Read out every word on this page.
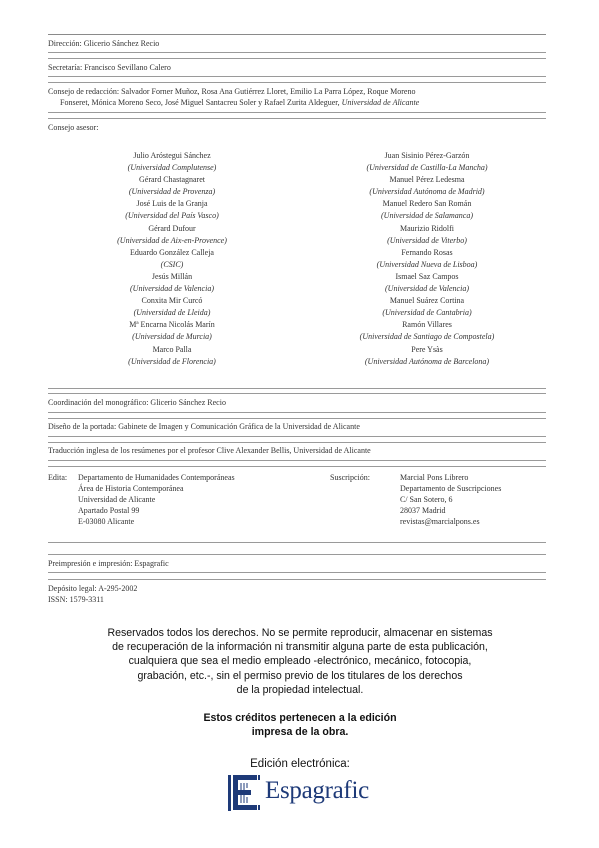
Dirección: Glicerio Sánchez Recio
Secretaría: Francisco Sevillano Calero
Consejo de redacción: Salvador Forner Muñoz, Rosa Ana Gutiérrez Lloret, Emilio La Parra López, Roque Moreno
Fonseret, Mónica Moreno Seco, José Miguel Santacreu Soler y Rafael Zurita Aldeguer, Universidad de Alicante
Consejo asesor:
Julio Aróstegui Sánchez
(Universidad Complutense)
Gérard Chastagnaret
(Universidad de Provenza)
José Luis de la Granja
(Universidad del País Vasco)
Gérard Dufour
(Universidad de Aix-en-Provence)
Eduardo González Calleja
(CSIC)
Jesús Millán
(Universidad de Valencia)
Conxita Mir Curcó
(Universidad de Lleida)
Mª Encarna Nicolás Marín
(Universidad de Murcia)
Marco Palla
(Universidad de Florencia)
Juan Sisinio Pérez-Garzón
(Universidad de Castilla-La Mancha)
Manuel Pérez Ledesma
(Universidad Autónoma de Madrid)
Manuel Redero San Román
(Universidad de Salamanca)
Maurizio Ridolfi
(Universidad de Viterbo)
Fernando Rosas
(Universidad Nueva de Lisboa)
Ismael Saz Campos
(Universidad de Valencia)
Manuel Suárez Cortina
(Universidad de Cantabria)
Ramón Villares
(Universidad de Santiago de Compostela)
Pere Ysàs
(Universidad Autónoma de Barcelona)
Coordinación del monográfico: Glicerio Sánchez Recio
Diseño de la portada: Gabinete de Imagen y Comunicación Gráfica de la Universidad de Alicante
Traducción inglesa de los resúmenes por el profesor Clive Alexander Bellis, Universidad de Alicante
Edita: Departamento de Humanidades Contemporáneas
Área de Historia Contemporánea
Universidad de Alicante
Apartado Postal 99
E-03080 Alicante
Suscripción:	Marcial Pons Librero
Departamento de Suscripciones
C/ San Sotero, 6
28037 Madrid
revistas@marcialpons.es
Preimpresión e impresión: Espagrafic
Depósito legal: A-295-2002
ISSN: 1579-3311
Reservados todos los derechos. No se permite reproducir, almacenar en sistemas
de recuperación de la información ni transmitir alguna parte de esta publicación,
cualquiera que sea el medio empleado -electrónico, mecánico, fotocopia,
grabación, etc.-, sin el permiso previo de los titulares de los derechos
de la propiedad intelectual.
Estos créditos pertenecen a la edición
impresa de la obra.
Edición electrónica:
Espagrafic
